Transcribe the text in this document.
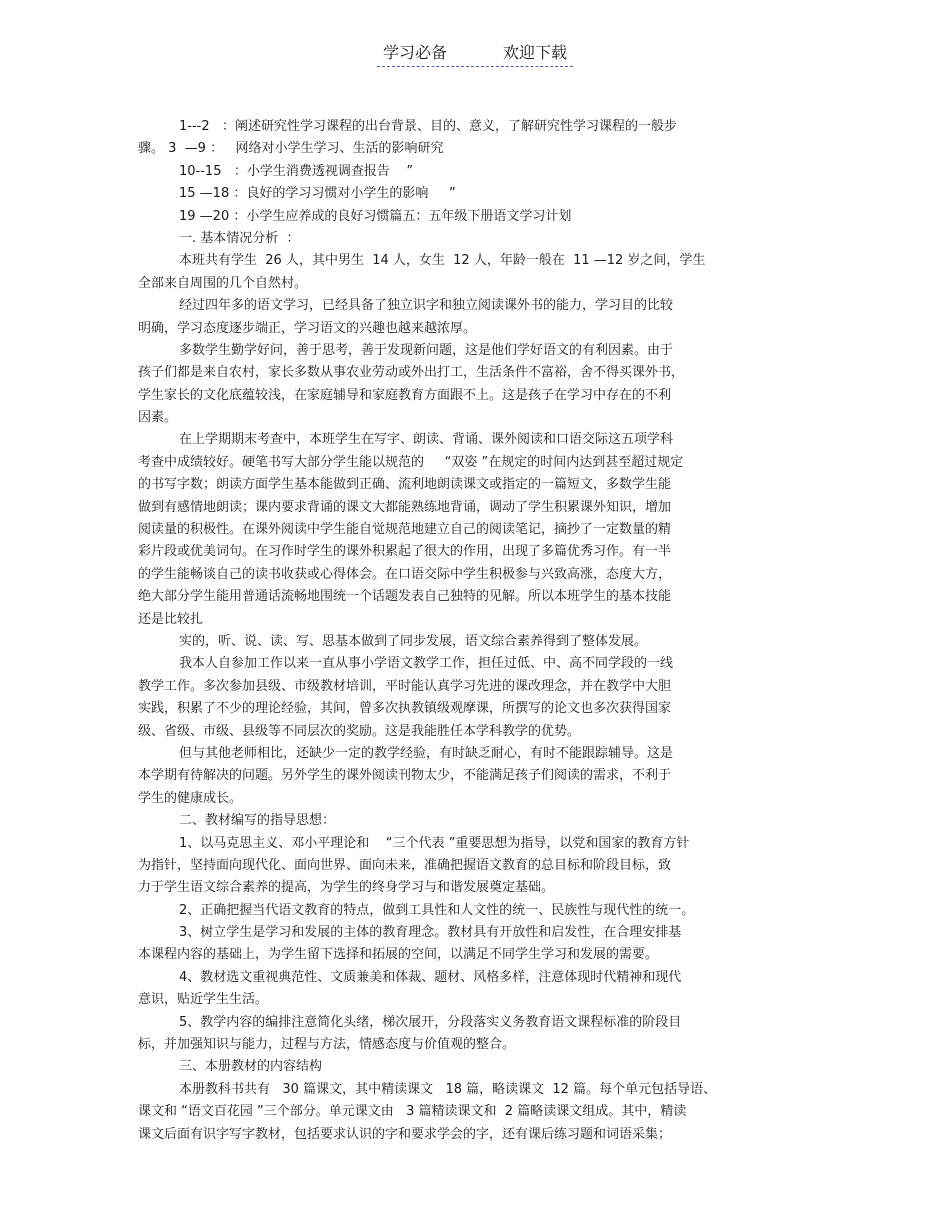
学习必备	欢迎下载
1---2   ：阐述研究性学习课程的出台背景、目的、意义，了解研究性学习课程的一般步
骤。 3  —9 ：   网络对小学生学习、生活的影响研究
10--15   ：小学生消费透视调查报告    ”
15 —18 ：良好的学习习惯对小学生的影响     ”
19 —20 ：小学生应养成的良好习惯篇五：五年级下册语文学习计划
一. 基本情况分析  ：
本班共有学生  26 人，其中男生  14 人，女生  12 人，年龄一般在  11 —12 岁之间，学生
全部来自周围的几个自然村。
经过四年多的语文学习，已经具备了独立识字和独立阅读课外书的能力，学习目的比较
明确，学习态度逐步端正，学习语文的兴趣也越来越浓厚。
多数学生勤学好问，善于思考，善于发现新问题，这是他们学好语文的有利因素。由于
孩子们都是来自农村，家长多数从事农业劳动或外出打工，生活条件不富裕，舍不得买课外书，
学生家长的文化底蕴较浅，在家庭辅导和家庭教育方面跟不上。这是孩子在学习中存在的不利
因素。
在上学期期末考查中，本班学生在写字、朗读、背诵、课外阅读和口语交际这五项学科
考查中成绩较好。硬笔书写大部分学生能以规范的     “双姿 ”在规定的时间内达到甚至超过规定
的书写字数；朗读方面学生基本能做到正确、流利地朗读课文或指定的一篇短文，多数学生能
做到有感情地朗读；课内要求背诵的课文大都能熟练地背诵，调动了学生积累课外知识，增加
阅读量的积极性。在课外阅读中学生能自觉规范地建立自己的阅读笔记，摘抄了一定数量的精
彩片段或优美词句。在习作时学生的课外积累起了很大的作用，出现了多篇优秀习作。有一半
的学生能畅谈自己的读书收获或心得体会。在口语交际中学生积极参与兴致高涨，态度大方，
绝大部分学生能用普通话流畅地围统一个话题发表自己独特的见解。所以本班学生的基本技能
还是比较扎
实的，听、说、读、写、思基本做到了同步发展，语文综合素养得到了整体发展。
我本人自参加工作以来一直从事小学语文教学工作，担任过低、中、高不同学段的一线
教学工作。多次参加县级、市级教材培训，平时能认真学习先进的课改理念，并在教学中大胆
实践，积累了不少的理论经验，其间，曾多次执教镇级观摩课，所撰写的论文也多次获得国家
级、省级、市级、县级等不同层次的奖励。这是我能胜任本学科教学的优势。
但与其他老师相比，还缺少一定的教学经验，有时缺乏耐心，有时不能跟踪辅导。这是
本学期有待解决的问题。另外学生的课外阅读刊物太少，不能满足孩子们阅读的需求，不利于
学生的健康成长。
二、教材编写的指导思想：
1、以马克思主义、邓小平理论和    “三个代表 ”重要思想为指导，以党和国家的教育方针
为指针，坚持面向现代化、面向世界、面向未来，准确把握语文教育的总目标和阶段目标，致
力于学生语文综合素养的提高，为学生的终身学习与和谐发展奠定基础。
2、正确把握当代语文教育的特点，做到工具性和人文性的统一、民族性与现代性的统一。
3、树立学生是学习和发展的主体的教育理念。教材具有开放性和启发性，在合理安排基
本课程内容的基础上，为学生留下选择和拓展的空间，以满足不同学生学习和发展的需要。
4、教材选文重视典范性、文质兼美和体裁、题材、风格多样，注意体现时代精神和现代
意识，贴近学生生活。
5、教学内容的编排注意简化头绪，梯次展开，分段落实义务教育语文课程标准的阶段目
标，并加强知识与能力，过程与方法，情感态度与价值观的整合。
三、本册教材的内容结构
本册教科书共有   30 篇课文，其中精读课文   18 篇，略读课文  12 篇。每个单元包括导语、
课文和 “语文百花园 ”三个部分。单元课文由   3 篇精读课文和  2 篇略读课文组成。其中，精读
课文后面有识字写字教材，包括要求认识的字和要求学会的字，还有课后练习题和词语采集；
